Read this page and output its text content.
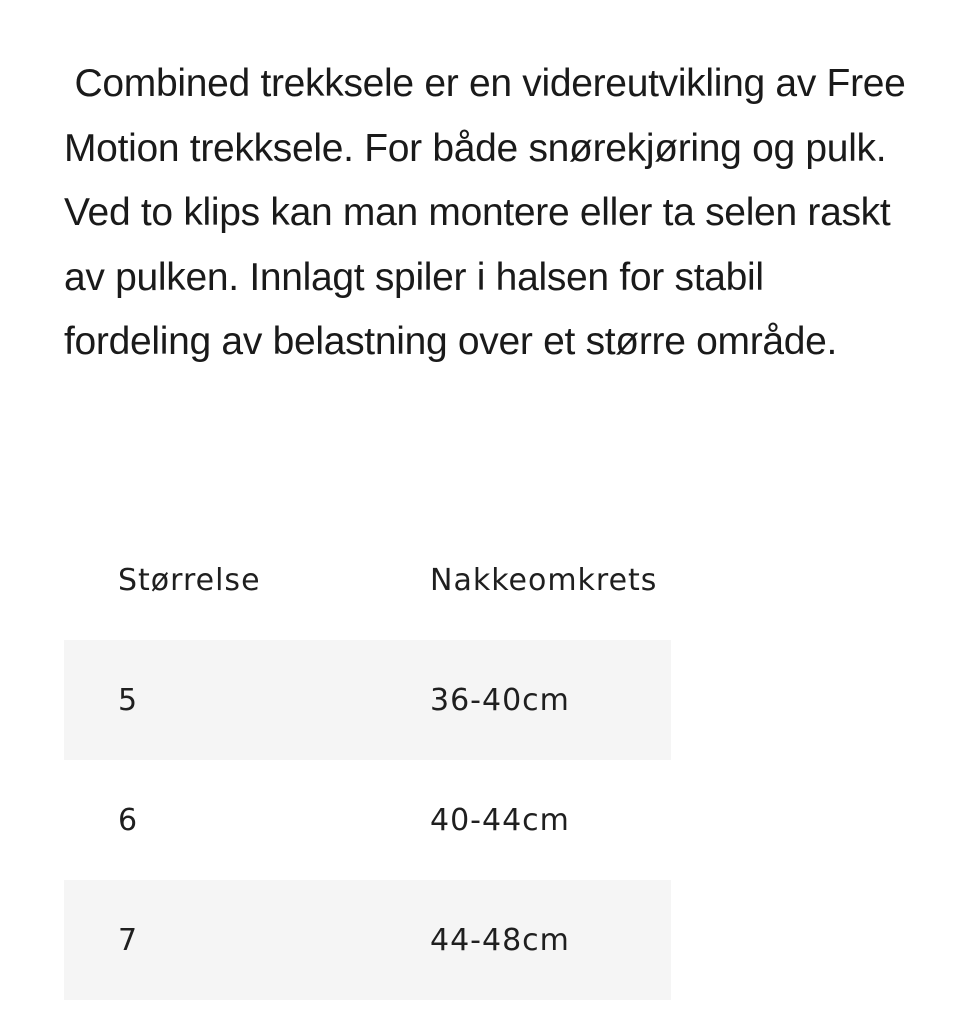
Combined trekksele er en videreutvikling av Free Motion trekksele. For både snørekjøring og pulk. Ved to klips kan man montere eller ta selen raskt av pulken. Innlagt spiler i halsen for stabil fordeling av belastning over et større område.

Størrelse	Nakkeomkrets
5	36-40cm
6	40-44cm
7	44-48cm
